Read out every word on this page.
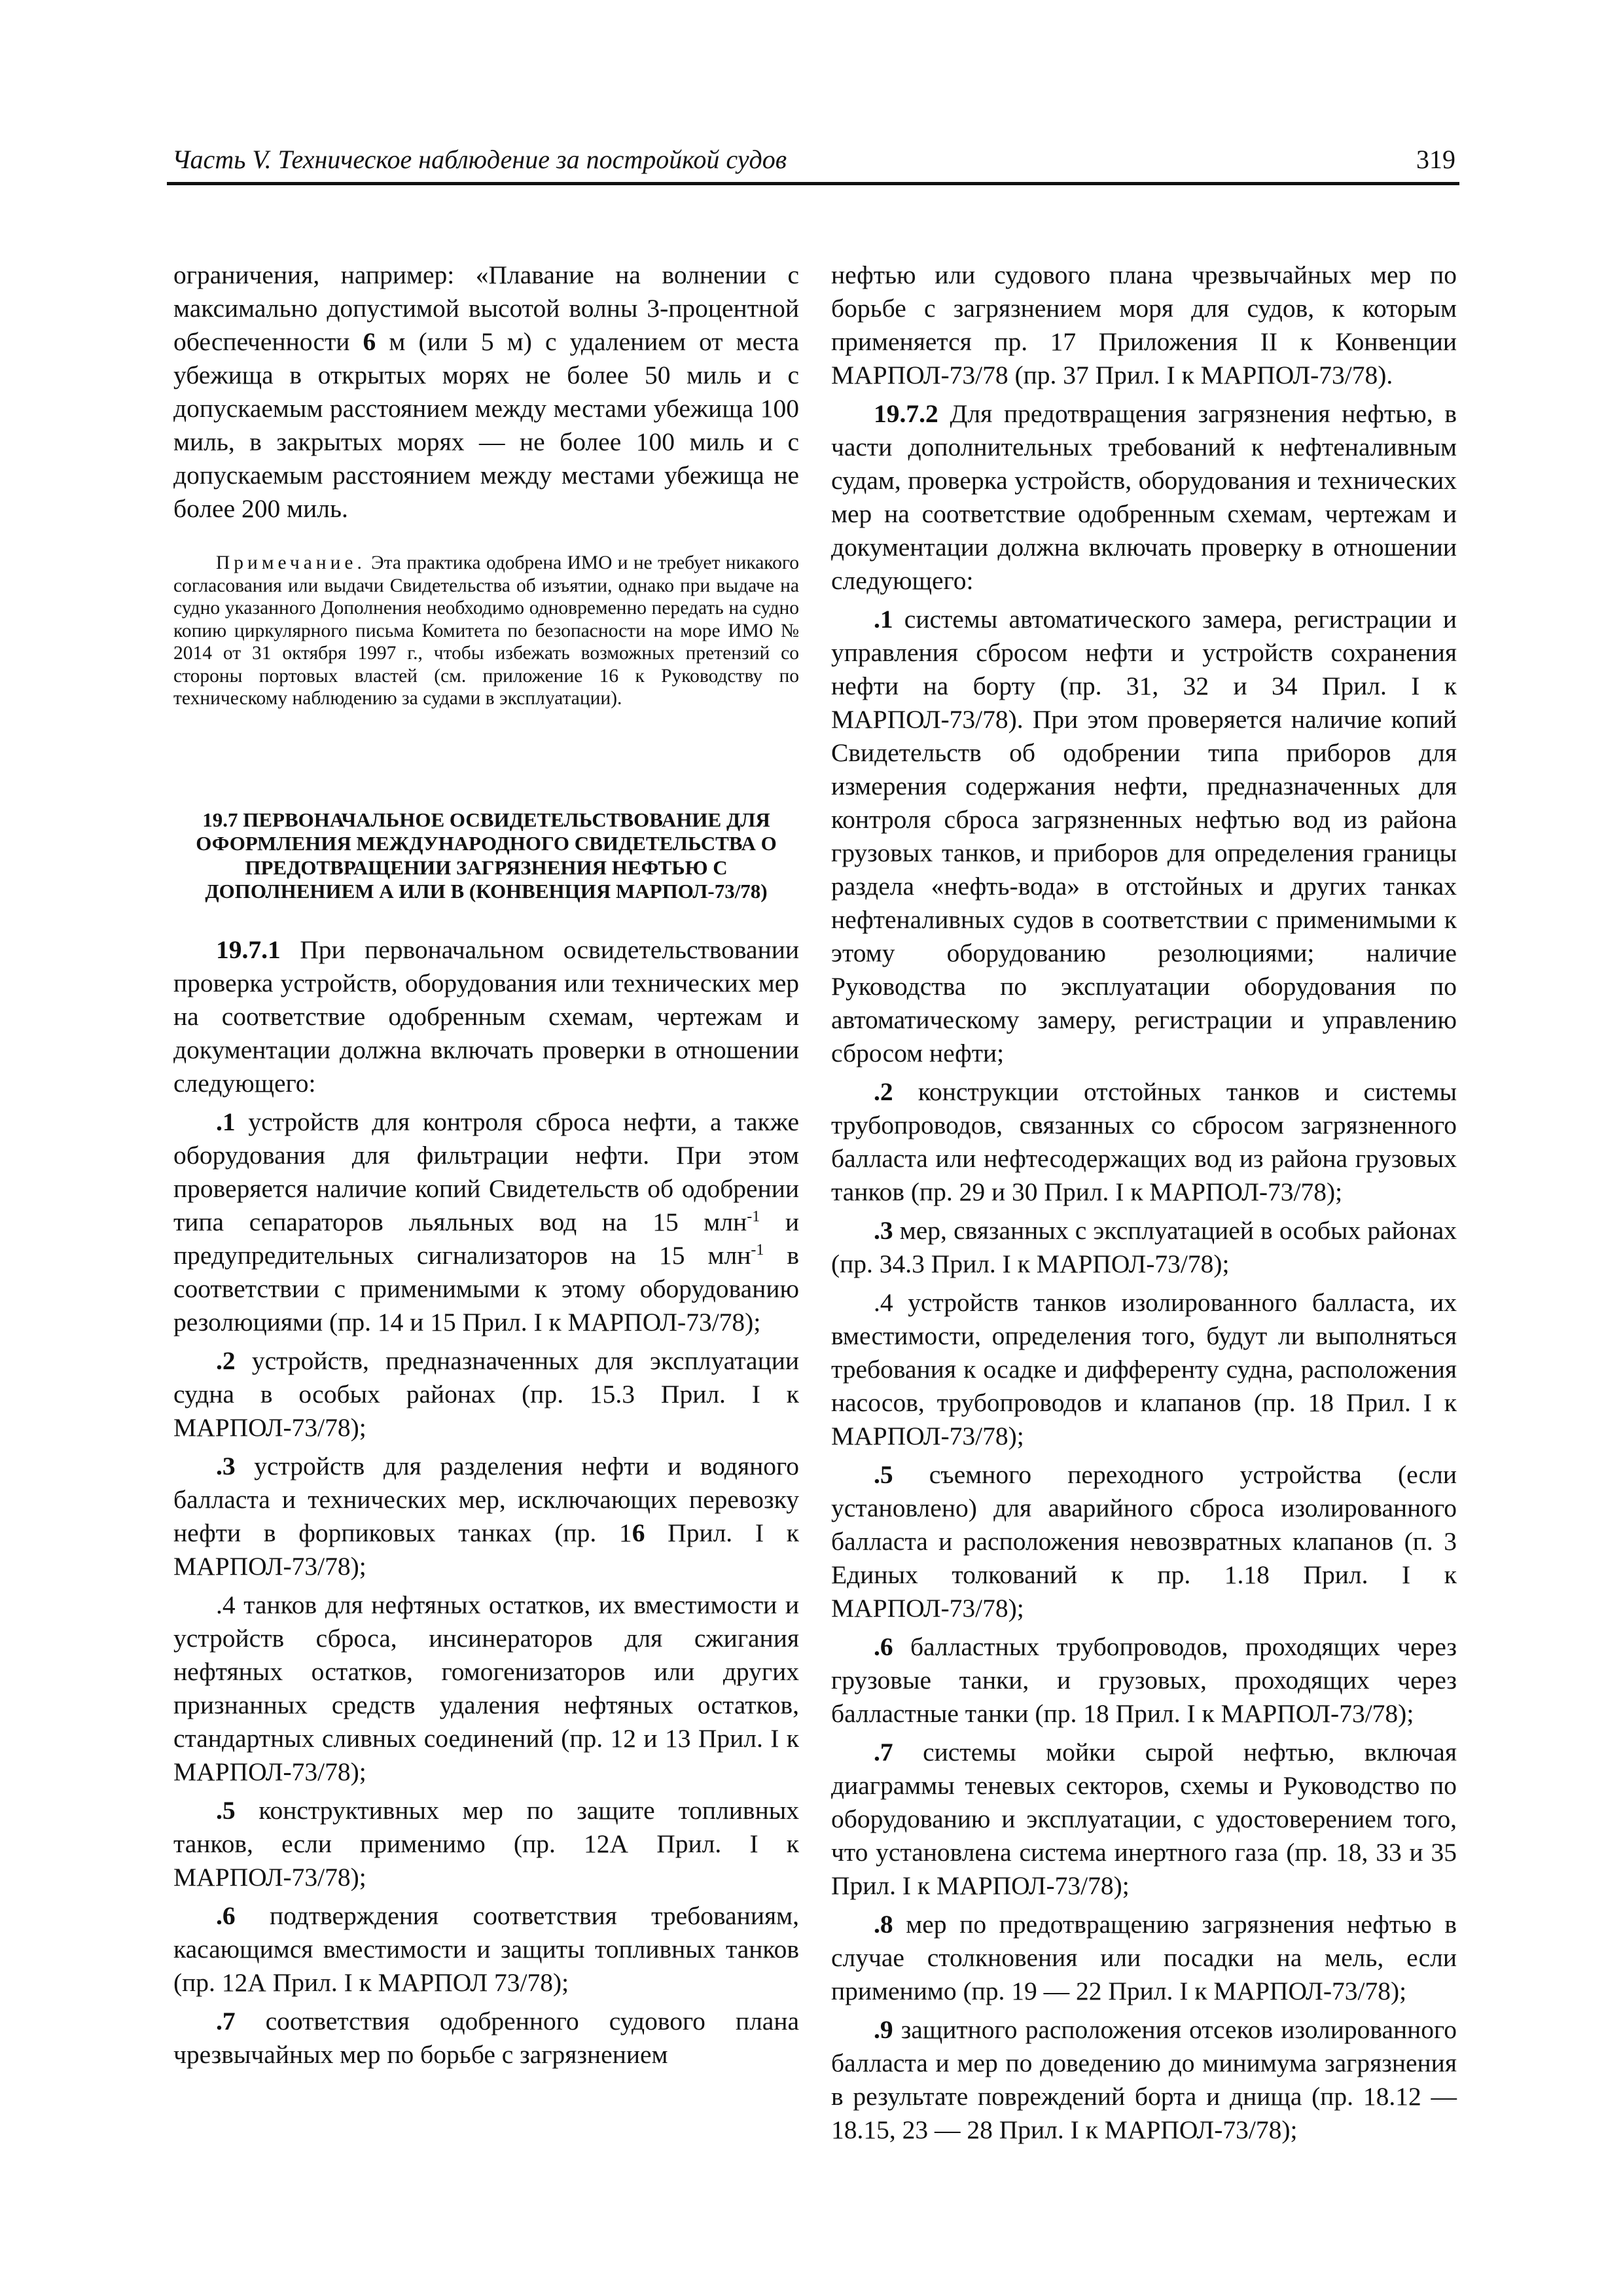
Часть V. Техническое наблюдение за постройкой судов	319

ограничения, например: «Плавание на волнении с максимально допустимой высотой волны 3-процентной обеспеченности 6 м (или 5 м) с удалением от места убежища в открытых морях не более 50 миль и с допускаемым расстоянием между местами убежища 100 миль, в закрытых морях — не более 100 миль и с допускаемым расстоянием между местами убежища не более 200 миль.

Примечание. Эта практика одобрена ИМО и не требует никакого согласования или выдачи Свидетельства об изъятии, однако при выдаче на судно указанного Дополнения необходимо одновременно передать на судно копию циркулярного письма Комитета по безопасности на море ИМО № 2014 от 31 октября 1997 г., чтобы избежать возможных претензий со стороны портовых властей (см. приложение 16 к Руководству по техническому наблюдению за судами в эксплуатации).

19.7 ПЕРВОНАЧАЛЬНОЕ ОСВИДЕТЕЛЬСТВОВАНИЕ ДЛЯ ОФОРМЛЕНИЯ МЕЖДУНАРОДНОГО СВИДЕТЕЛЬСТВА О ПРЕДОТВРАЩЕНИИ ЗАГРЯЗНЕНИЯ НЕФТЬЮ С ДОПОЛНЕНИЕМ А ИЛИ В (КОНВЕНЦИЯ МАРПОЛ-73/78)

19.7.1 При первоначальном освидетельствовании проверка устройств, оборудования или технических мер на соответствие одобренным схемам, чертежам и документации должна включать проверки в отношении следующего:

.1 устройств для контроля сброса нефти, а также оборудования для фильтрации нефти. При этом проверяется наличие копий Свидетельств об одобрении типа сепараторов льяльных вод на 15 млн$^{-1}$ и предупредительных сигнализаторов на 15 млн$^{-1}$ в соответствии с применимыми к этому оборудованию резолюциями (пр. 14 и 15 Прил. I к МАРПОЛ-73/78);

.2 устройств, предназначенных для эксплуатации судна в особых районах (пр. 15.3 Прил. I к МАРПОЛ-73/78);

.3 устройств для разделения нефти и водяного балласта и технических мер, исключающих перевозку нефти в форпиковых танках (пр. 16 Прил. I к МАРПОЛ-73/78);

.4 танков для нефтяных остатков, их вместимости и устройств сброса, инсинераторов для сжигания нефтяных остатков, гомогенизаторов или других признанных средств удаления нефтяных остатков, стандартных сливных соединений (пр. 12 и 13 Прил. I к МАРПОЛ-73/78);

.5 конструктивных мер по защите топливных танков, если применимо (пр. 12А Прил. I к МАРПОЛ-73/78);

.6 подтверждения соответствия требованиям, касающимся вместимости и защиты топливных танков (пр. 12А Прил. I к МАРПОЛ 73/78);

.7 соответствия одобренного судового плана чрезвычайных мер по борьбе с загрязнением

нефтью или судового плана чрезвычайных мер по борьбе с загрязнением моря для судов, к которым применяется пр. 17 Приложения II к Конвенции МАРПОЛ-73/78 (пр. 37 Прил. I к МАРПОЛ-73/78).

19.7.2 Для предотвращения загрязнения нефтью, в части дополнительных требований к нефтеналивным судам, проверка устройств, оборудования и технических мер на соответствие одобренным схемам, чертежам и документации должна включать проверку в отношении следующего:

.1 системы автоматического замера, регистрации и управления сбросом нефти и устройств сохранения нефти на борту (пр. 31, 32 и 34 Прил. I к МАРПОЛ-73/78). При этом проверяется наличие копий Свидетельств об одобрении типа приборов для измерения содержания нефти, предназначенных для контроля сброса загрязненных нефтью вод из района грузовых танков, и приборов для определения границы раздела «нефть-вода» в отстойных и других танках нефтеналивных судов в соответствии с применимыми к этому оборудованию резолюциями; наличие Руководства по эксплуатации оборудования по автоматическому замеру, регистрации и управлению сбросом нефти;

.2 конструкции отстойных танков и системы трубопроводов, связанных со сбросом загрязненного балласта или нефтесодержащих вод из района грузовых танков (пр. 29 и 30 Прил. I к МАРПОЛ-73/78);

.3 мер, связанных с эксплуатацией в особых районах (пр. 34.3 Прил. I к МАРПОЛ-73/78);

.4 устройств танков изолированного балласта, их вместимости, определения того, будут ли выполняться требования к осадке и дифференту судна, расположения насосов, трубопроводов и клапанов (пр. 18 Прил. I к МАРПОЛ-73/78);

.5 съемного переходного устройства (если установлено) для аварийного сброса изолированного балласта и расположения невозвратных клапанов (п. 3 Единых толкований к пр. 1.18 Прил. I к МАРПОЛ-73/78);

.6 балластных трубопроводов, проходящих через грузовые танки, и грузовых, проходящих через балластные танки (пр. 18 Прил. I к МАРПОЛ-73/78);

.7 системы мойки сырой нефтью, включая диаграммы теневых секторов, схемы и Руководство по оборудованию и эксплуатации, с удостоверением того, что установлена система инертного газа (пр. 18, 33 и 35 Прил. I к МАРПОЛ-73/78);

.8 мер по предотвращению загрязнения нефтью в случае столкновения или посадки на мель, если применимо (пр. 19 — 22 Прил. I к МАРПОЛ-73/78);

.9 защитного расположения отсеков изолированного балласта и мер по доведению до минимума загрязнения в результате повреждений борта и днища (пр. 18.12 — 18.15, 23 — 28 Прил. I к МАРПОЛ-73/78);
